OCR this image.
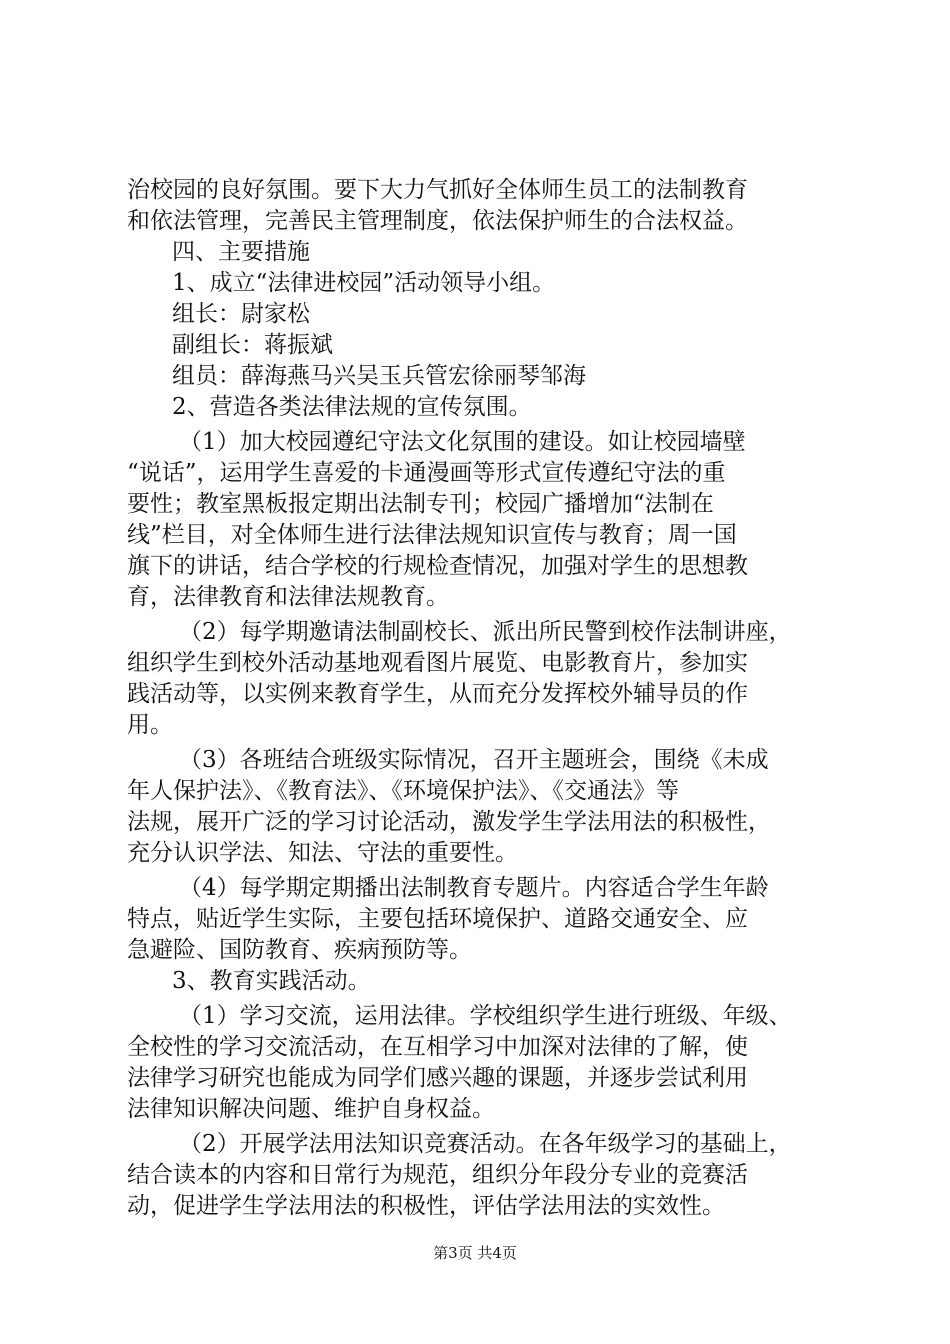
治校园的良好氛围。要下大力气抓好全体师生员工的法制教育
和依法管理，完善民主管理制度，依法保护师生的合法权益。
四、主要措施
1、成立“法律进校园”活动领导小组。
组长：尉家松
副组长：蒋振斌
组员：薛海燕马兴吴玉兵管宏徐丽琴邹海
2、营造各类法律法规的宣传氛围。
（1）加大校园遵纪守法文化氛围的建设。如让校园墙壁
“说话”，运用学生喜爱的卡通漫画等形式宣传遵纪守法的重
要性；教室黑板报定期出法制专刊；校园广播增加“法制在
线”栏目，对全体师生进行法律法规知识宣传与教育；周一国
旗下的讲话，结合学校的行规检查情况，加强对学生的思想教
育，法律教育和法律法规教育。
（2）每学期邀请法制副校长、派出所民警到校作法制讲座，
组织学生到校外活动基地观看图片展览、电影教育片，参加实
践活动等，以实例来教育学生，从而充分发挥校外辅导员的作
用。
（3）各班结合班级实际情况，召开主题班会，围绕《未成
年人保护法》、《教育法》、《环境保护法》、《交通法》等
法规，展开广泛的学习讨论活动，激发学生学法用法的积极性，
充分认识学法、知法、守法的重要性。
（4）每学期定期播出法制教育专题片。内容适合学生年龄
特点，贴近学生实际，主要包括环境保护、道路交通安全、应
急避险、国防教育、疾病预防等。
3、教育实践活动。
（1）学习交流，运用法律。学校组织学生进行班级、年级、
全校性的学习交流活动，在互相学习中加深对法律的了解，使
法律学习研究也能成为同学们感兴趣的课题，并逐步尝试利用
法律知识解决问题、维护自身权益。
（2）开展学法用法知识竞赛活动。在各年级学习的基础上，
结合读本的内容和日常行为规范，组织分年段分专业的竞赛活
动，促进学生学法用法的积极性，评估学法用法的实效性。
第3页 共4页
